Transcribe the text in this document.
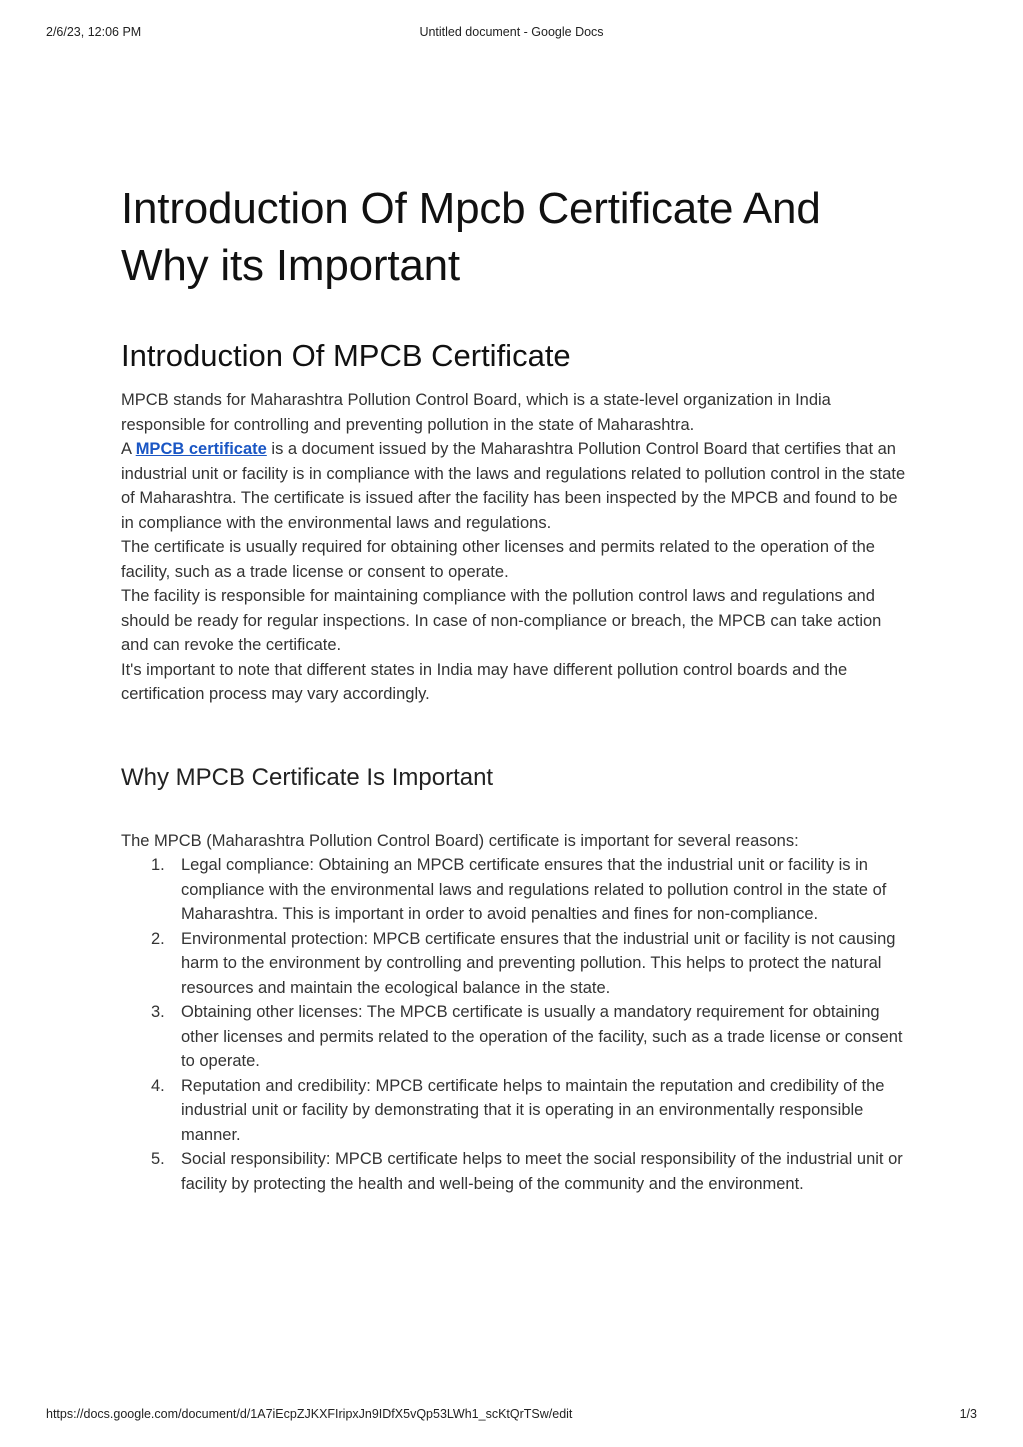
2/6/23, 12:06 PM	Untitled document - Google Docs
Introduction Of Mpcb Certificate And Why its Important
Introduction Of MPCB Certificate

MPCB stands for Maharashtra Pollution Control Board, which is a state-level organization in India responsible for controlling and preventing pollution in the state of Maharashtra.

A MPCB certificate is a document issued by the Maharashtra Pollution Control Board that certifies that an industrial unit or facility is in compliance with the laws and regulations related to pollution control in the state of Maharashtra. The certificate is issued after the facility has been inspected by the MPCB and found to be in compliance with the environmental laws and regulations.

The certificate is usually required for obtaining other licenses and permits related to the operation of the facility, such as a trade license or consent to operate.

The facility is responsible for maintaining compliance with the pollution control laws and regulations and should be ready for regular inspections. In case of non-compliance or breach, the MPCB can take action and can revoke the certificate.

It's important to note that different states in India may have different pollution control boards and the certification process may vary accordingly.

Why MPCB Certificate Is Important

The MPCB (Maharashtra Pollution Control Board) certificate is important for several reasons:

1. Legal compliance: Obtaining an MPCB certificate ensures that the industrial unit or facility is in compliance with the environmental laws and regulations related to pollution control in the state of Maharashtra. This is important in order to avoid penalties and fines for non-compliance.
2. Environmental protection: MPCB certificate ensures that the industrial unit or facility is not causing harm to the environment by controlling and preventing pollution. This helps to protect the natural resources and maintain the ecological balance in the state.
3. Obtaining other licenses: The MPCB certificate is usually a mandatory requirement for obtaining other licenses and permits related to the operation of the facility, such as a trade license or consent to operate.
4. Reputation and credibility: MPCB certificate helps to maintain the reputation and credibility of the industrial unit or facility by demonstrating that it is operating in an environmentally responsible manner.
5. Social responsibility: MPCB certificate helps to meet the social responsibility of the industrial unit or facility by protecting the health and well-being of the community and the environment.
https://docs.google.com/document/d/1A7iEcpZJKXFIripxJn9IDfX5vQp53LWh1_scKtQrTSw/edit	1/3
